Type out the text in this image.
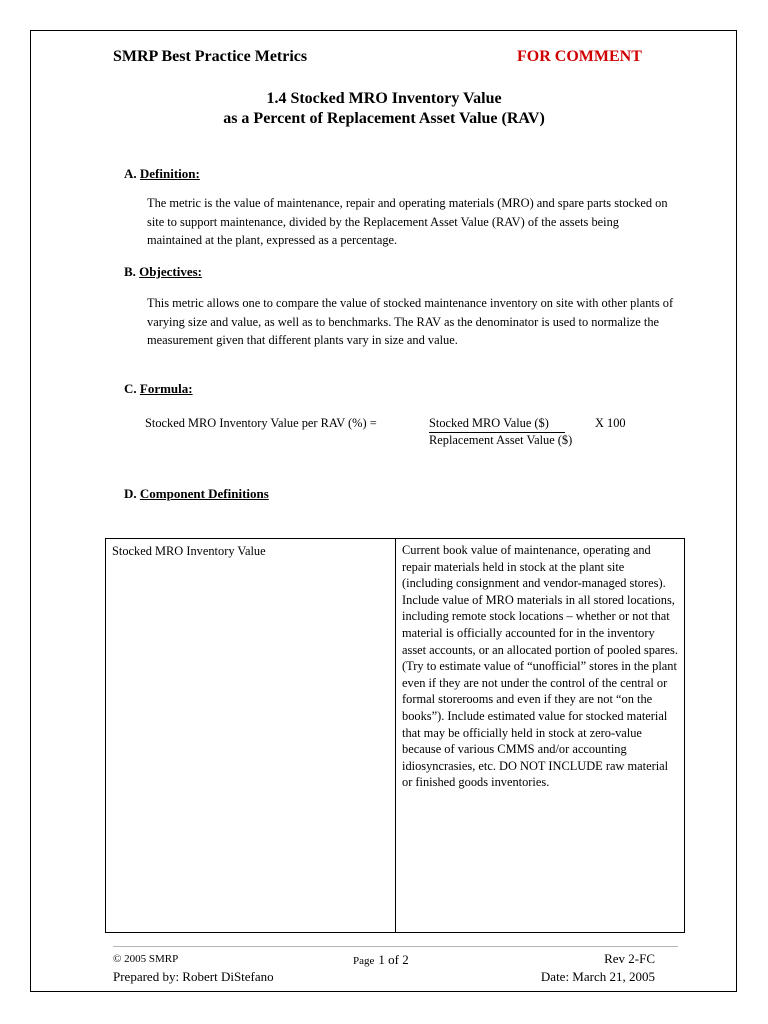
SMRP Best Practice Metrics	FOR COMMENT
1.4 Stocked MRO Inventory Value
as a Percent of Replacement Asset Value (RAV)
A. Definition:
The metric is the value of maintenance, repair and operating materials (MRO) and spare parts stocked on site to support maintenance, divided by the Replacement Asset Value (RAV) of the assets being maintained at the plant, expressed as a percentage.
B. Objectives:
This metric allows one to compare the value of stocked maintenance inventory on site with other plants of varying size and value, as well as to benchmarks. The RAV as the denominator is used to normalize the measurement given that different plants vary in size and value.
C. Formula:
Stocked MRO Inventory Value per RAV (%) =	Stocked MRO Value ($)
Replacement Asset Value ($)
X 100
D. Component Definitions
Stocked MRO Inventory Value	Current book value of maintenance, operating and repair materials held in stock at the plant site (including consignment and vendor-managed stores). Include value of MRO materials in all stored locations, including remote stock locations – whether or not that material is officially accounted for in the inventory asset accounts, or an allocated portion of pooled spares. (Try to estimate value of “unofficial” stores in the plant even if they are not under the control of the central or formal storerooms and even if they are not “on the books”). Include estimated value for stocked material that may be officially held in stock at zero-value because of various CMMS and/or accounting idiosyncrasies, etc. DO NOT INCLUDE raw material or finished goods inventories.
© 2005 SMRP
Prepared by: Robert DiStefano
Page 1 of 2	Rev 2-FC
Date: March 21, 2005
